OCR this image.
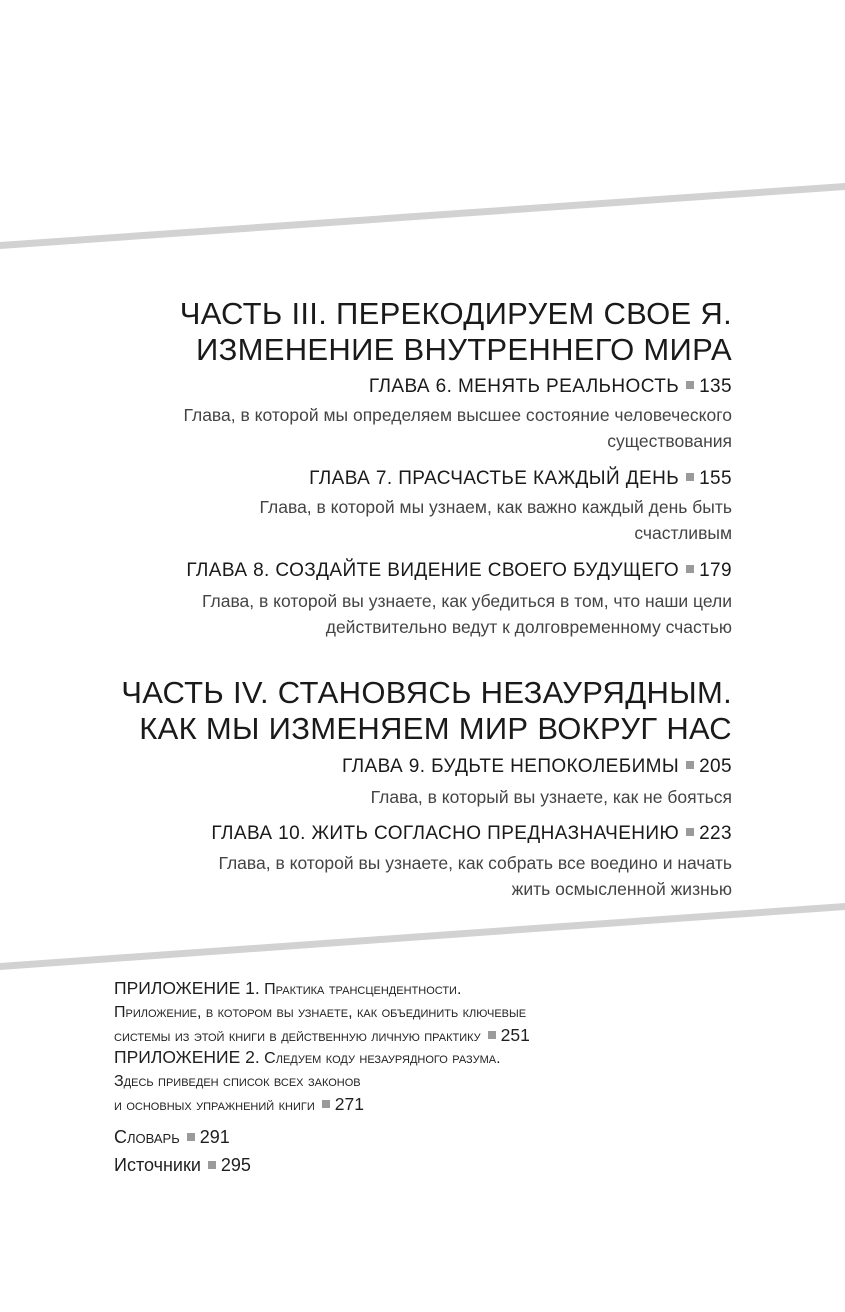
ЧАСТЬ III. ПЕРЕКОДИРУЕМ СВОЕ Я.
ИЗМЕНЕНИЕ ВНУТРЕННЕГО МИРА
ГЛАВА 6. МЕНЯТЬ РЕАЛЬНОСТЬ 135
Глава, в которой мы определяем высшее состояние человеческого
существования
ГЛАВА 7. ПРАСЧАСТЬЕ КАЖДЫЙ ДЕНЬ 155
Глава, в которой мы узнаем, как важно каждый день быть
счастливым
ГЛАВА 8. СОЗДАЙТЕ ВИДЕНИЕ СВОЕГО БУДУЩЕГО 179
Глава, в которой вы узнаете, как убедиться в том, что наши цели
действительно ведут к долговременному счастью
ЧАСТЬ IV. СТАНОВЯСЬ НЕЗАУРЯДНЫМ.
КАК МЫ ИЗМЕНЯЕМ МИР ВОКРУГ НАС
ГЛАВА 9. БУДЬТЕ НЕПОКОЛЕБИМЫ 205
Глава, в который вы узнаете, как не бояться
ГЛАВА 10. ЖИТЬ СОГЛАСНО ПРЕДНАЗНАЧЕНИЮ 223
Глава, в которой вы узнаете, как собрать все воедино и начать
жить осмысленной жизнью
ПРИЛОЖЕНИЕ 1. Практика трансцендентности.
Приложение, в котором вы узнаете, как объединить ключевые
системы из этой книги в действенную личную практику 251
ПРИЛОЖЕНИЕ 2. Следуем коду незаурядного разума.
Здесь приведен список всех законов
и основных упражнений книги 271
Словарь 291
Источники 295
